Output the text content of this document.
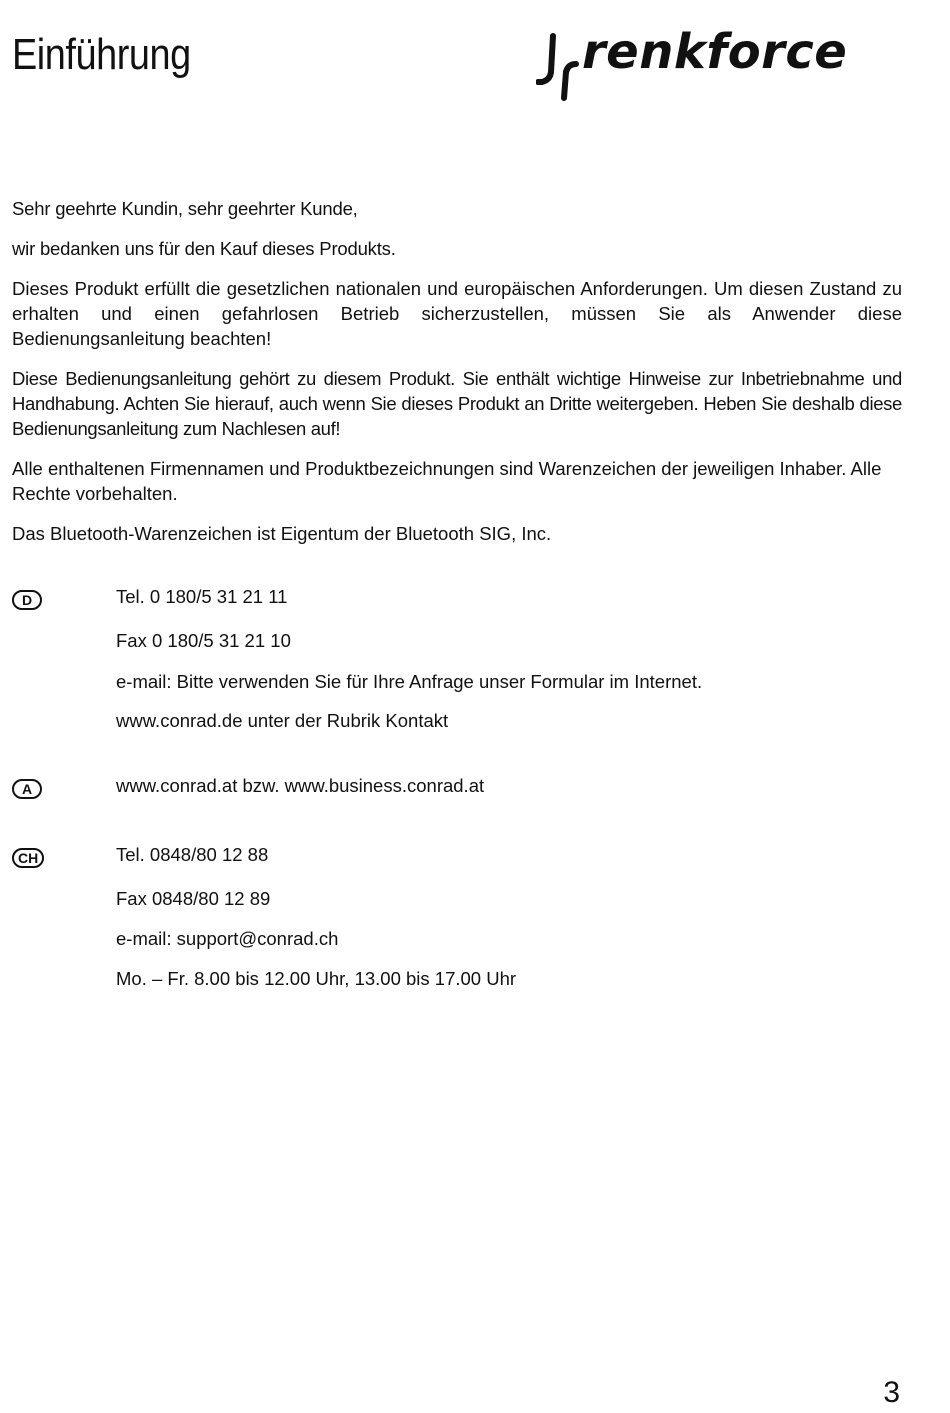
Einführung	renkforce

Sehr geehrte Kundin, sehr geehrter Kunde,

wir bedanken uns für den Kauf dieses Produkts.

Dieses Produkt erfüllt die gesetzlichen nationalen und europäischen Anforderungen. Um diesen Zustand zu erhalten und einen gefahrlosen Betrieb sicherzustellen, müssen Sie als Anwender diese Bedienungsanleitung beachten!

Diese Bedienungsanleitung gehört zu diesem Produkt. Sie enthält wichtige Hinweise zur Inbetriebnahme und Handhabung. Achten Sie hierauf, auch wenn Sie dieses Produkt an Dritte weitergeben. Heben Sie deshalb diese Bedienungsanleitung zum Nachlesen auf!

Alle enthaltenen Firmennamen und Produktbezeichnungen sind Warenzeichen der jeweiligen Inhaber. Alle Rechte vorbehalten.

Das Bluetooth-Warenzeichen ist Eigentum der Bluetooth SIG, Inc.

D	Tel. 0 180/5 31 21 11
Fax 0 180/5 31 21 10
e-mail: Bitte verwenden Sie für Ihre Anfrage unser Formular im Internet.
www.conrad.de unter der Rubrik Kontakt
A	www.conrad.at bzw. www.business.conrad.at
CH	Tel. 0848/80 12 88
Fax 0848/80 12 89
e-mail: support@conrad.ch
Mo. – Fr. 8.00 bis 12.00 Uhr, 13.00 bis 17.00 Uhr
3
